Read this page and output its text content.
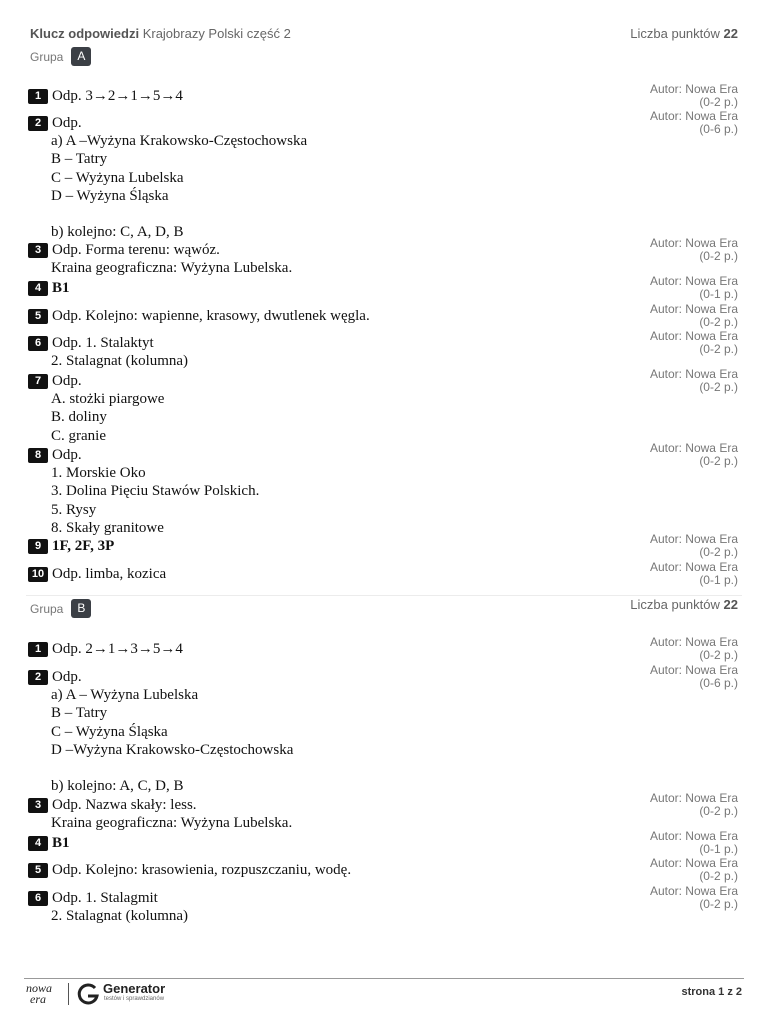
Klucz odpowiedzi Krajobrazy Polski część 2	Liczba punktów 22
Grupa	A
1 Odp. 3→2→1→5→4	Autor: Nowa Era
(0-2 p.)
2 Odp.
a) A –Wyżyna Krakowsko-Częstochowska
B – Tatry
C – Wyżyna Lubelska
D – Wyżyna Śląska
b) kolejno: C, A, D, B
Autor: Nowa Era
(0-6 p.)
3 Odp. Forma terenu: wąwóz.
Kraina geograficzna: Wyżyna Lubelska.
Autor: Nowa Era
(0-2 p.)
4 B1	Autor: Nowa Era
(0-1 p.)
5 Odp. Kolejno: wapienne, krasowy, dwutlenek węgla.	Autor: Nowa Era
(0-2 p.)
6 Odp. 1. Stalaktyt
2. Stalagnat (kolumna)
Autor: Nowa Era
(0-2 p.)
7 Odp.
A. stożki piargowe
B. doliny
C. granie
Autor: Nowa Era
(0-2 p.)
8 Odp.
1. Morskie Oko
3. Dolina Pięciu Stawów Polskich.
5. Rysy
8. Skały granitowe
Autor: Nowa Era
(0-2 p.)
9 1F, 2F, 3P	Autor: Nowa Era
(0-2 p.)
10 Odp. limba, kozica	Autor: Nowa Era
(0-1 p.)
Grupa	B	Liczba punktów 22
1 Odp. 2→1→3→5→4	Autor: Nowa Era
(0-2 p.)
2 Odp.
a) A – Wyżyna Lubelska
B – Tatry
C – Wyżyna Śląska
D –Wyżyna Krakowsko-Częstochowska
b) kolejno: A, C, D, B
Autor: Nowa Era
(0-6 p.)
3 Odp. Nazwa skały: less.
Kraina geograficzna: Wyżyna Lubelska.
Autor: Nowa Era
(0-2 p.)
4 B1	Autor: Nowa Era
(0-1 p.)
5 Odp. Kolejno: krasowienia, rozpuszczaniu, wodę.	Autor: Nowa Era
(0-2 p.)
6 Odp. 1. Stalagmit
2. Stalagnat (kolumna)
Autor: Nowa Era
(0-2 p.)
nowa
era
Generator
testów i sprawdzianów
strona 1 z 2
